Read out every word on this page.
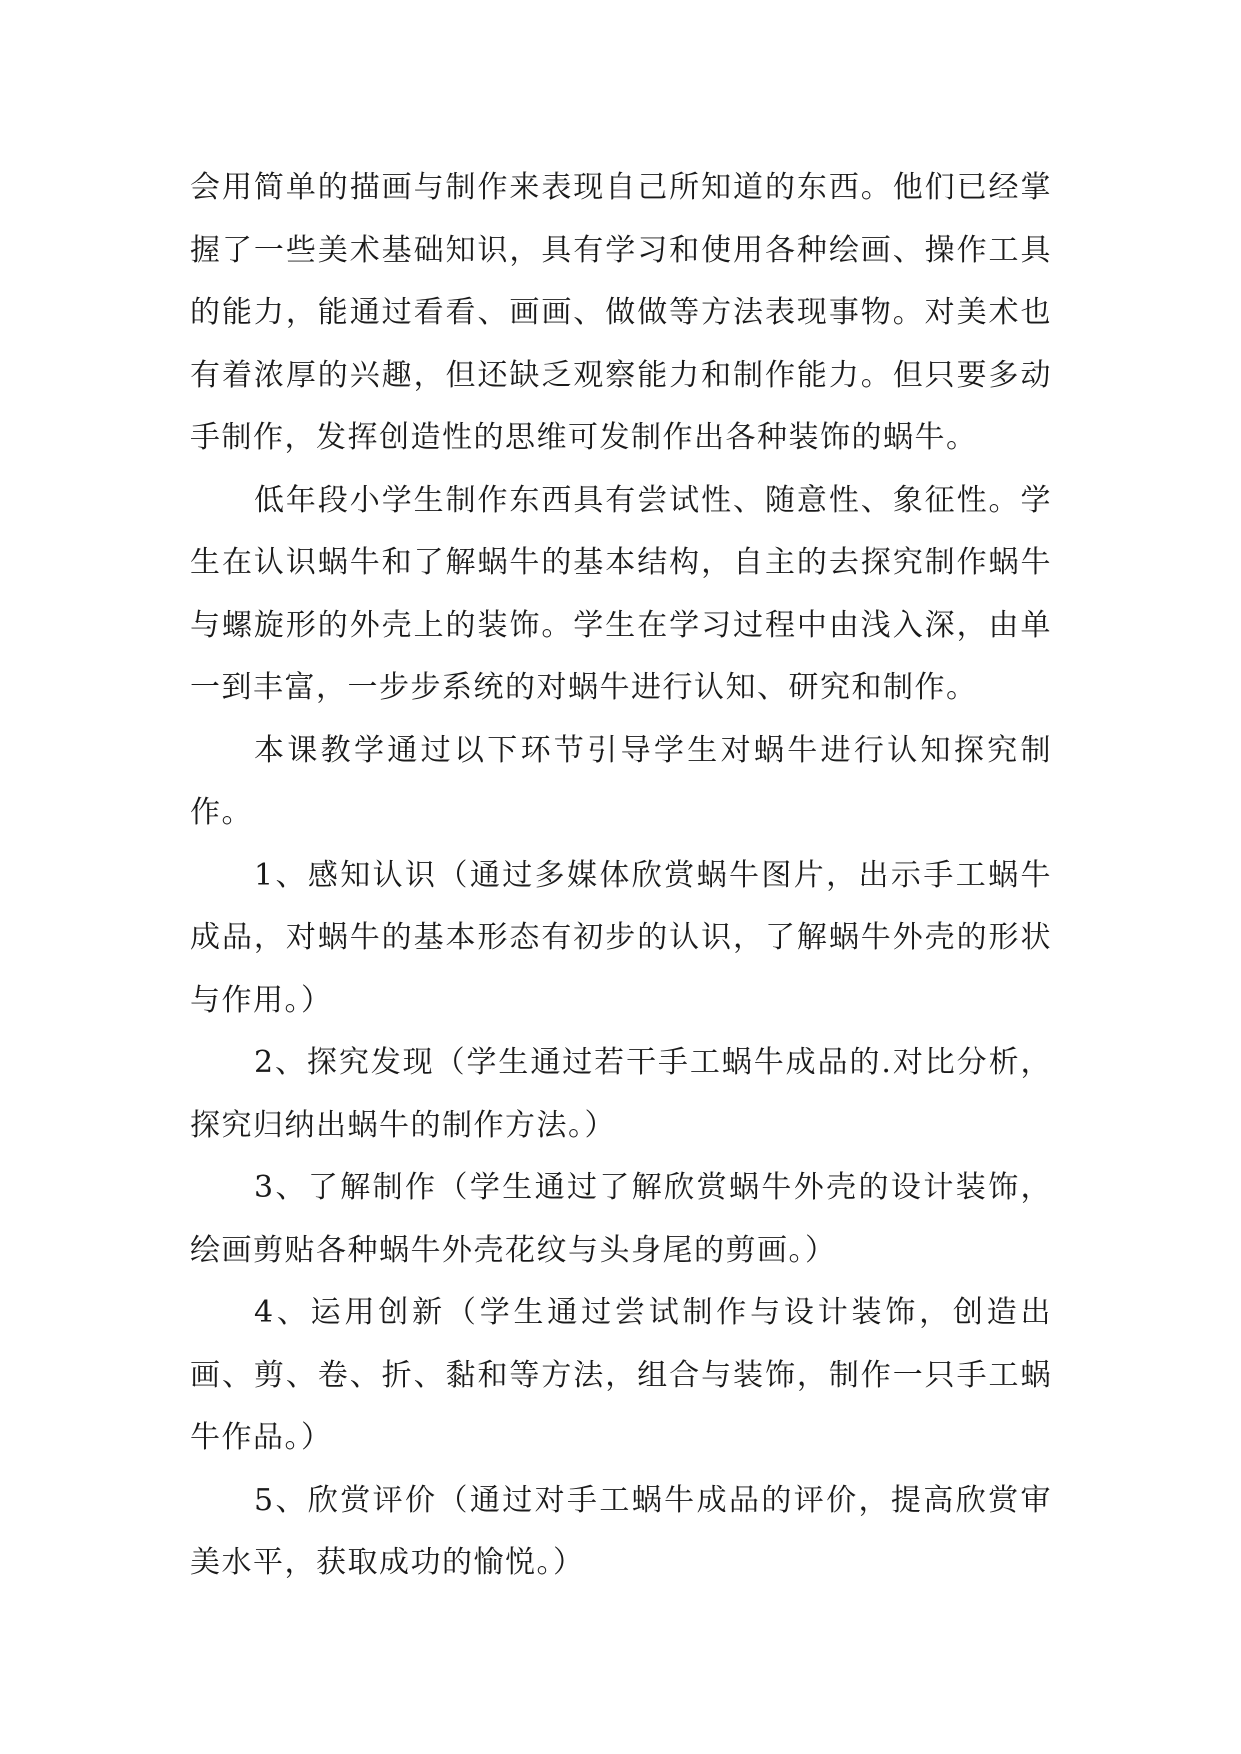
会用简单的描画与制作来表现自己所知道的东西。他们已经掌握了一些美术基础知识，具有学习和使用各种绘画、操作工具的能力，能通过看看、画画、做做等方法表现事物。对美术也有着浓厚的兴趣，但还缺乏观察能力和制作能力。但只要多动手制作，发挥创造性的思维可发制作出各种装饰的蜗牛。

低年段小学生制作东西具有尝试性、随意性、象征性。学生在认识蜗牛和了解蜗牛的基本结构，自主的去探究制作蜗牛与螺旋形的外壳上的装饰。学生在学习过程中由浅入深，由单一到丰富，一步步系统的对蜗牛进行认知、研究和制作。

本课教学通过以下环节引导学生对蜗牛进行认知探究制作。

1、感知认识（通过多媒体欣赏蜗牛图片，出示手工蜗牛成品，对蜗牛的基本形态有初步的认识，了解蜗牛外壳的形状与作用。）

2、探究发现（学生通过若干手工蜗牛成品的.对比分析，探究归纳出蜗牛的制作方法。）

3、了解制作（学生通过了解欣赏蜗牛外壳的设计装饰，绘画剪贴各种蜗牛外壳花纹与头身尾的剪画。）

4、运用创新（学生通过尝试制作与设计装饰，创造出画、剪、卷、折、黏和等方法，组合与装饰，制作一只手工蜗牛作品。）

5、欣赏评价（通过对手工蜗牛成品的评价，提高欣赏审美水平，获取成功的愉悦。）
